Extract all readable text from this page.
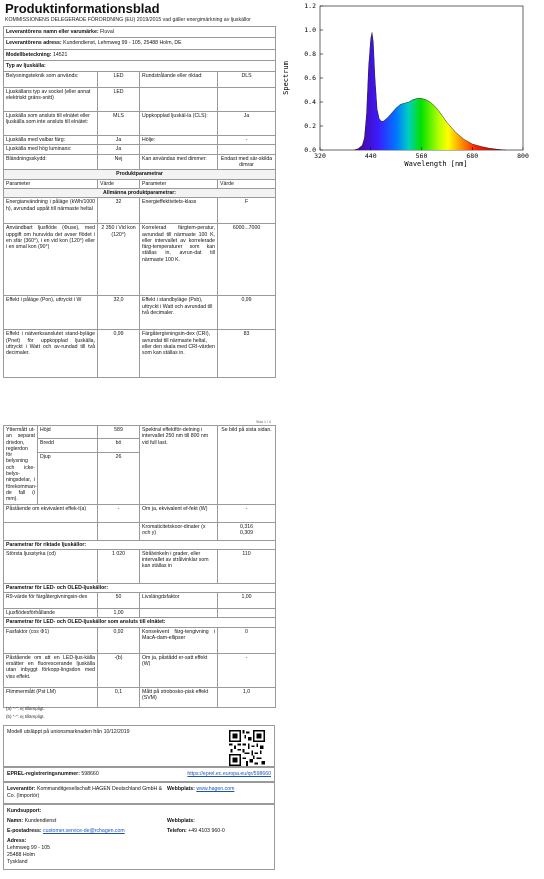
Produktinformationsblad
KOMMISSIONENS DELEGERADE FÖRORDNING (EU) 2019/2015 vad gäller energimärkning av ljuskällor
Leverantörens namn eller varumärke: Fluval			
Leverantörens adress: Kundendienst, Lehmweg 99 - 105, 25488 Holm, DE			
Modellbeteckning: 14521			
Typ av ljuskälla:			
Belysningsteknik som används:	LED	Rundstrålande eller riktad:	DLS
Ljuskällans typ av sockel (eller annat elektriskt gräns-snitt)	LED		
Ljuskälla som ansluts till elnätet eller ljuskälla som inte ansluts till elnätet:	MLS	Uppkopplad ljuskäl-la (CLS):	Ja
Ljuskälla med valbar färg:	Ja	Hölje:	-
Ljuskälla med hög luminans:	Ja		
Bländningsskydd:	Nej	Kan användas med dimmer:	Endast med sär-skilda dimrar
Produktparametrar			
Parameter	Värde	Parameter	Värde
Allmänna produktparametrar:			
Energianvändning i påläge (kWh/1000 h), avrundad uppåt till närmaste heltal	32	Energieffektivitets-klass	F
Användbart ljusflöde (Φuse), med uppgift om huruvida det avser flödet i en sfär (360°), i en vid kon (120°) eller i en smal kon (90°)	2 350 i Vid kon (120°)	Korrelerad färgtem-peratur, avrundad till närmaste 100 K, eller intervallet av korrelerade färg-temperaturer som kan ställas in, avrun-dat till närmaste 100 K.	6000...7000
Effekt i påläge (Pon), uttryckt i W	32,0	Effekt i standbyläge (Psb), uttryckt i Watt och avrundad till två decimaler.	0,99
Effekt i nätverksanslutet stand-byläge (Pnet) för uppkopplad ljuskälla, uttryckt i Watt och av-rundad till två decimaler.	0,99	Färgåtergivningsin-dex (CRI), avrundat till närmaste heltal, eller den skala med CRI-värden som kan ställas in.	83
Sida 1 / 4
Yttermått ut-an separat drivdon, reglerdon för belysning och icke-belys-ningsdelar, i förekomman-de fall (i mm).	Höjd	589	Spektral effektför-delning i intervallet 250 nm till 800 nm vid full last.	Se bild på sista sidan.
	Bredd	bö		
	Djup	26		
Påstående om ekvivalent effek-t(a)		-	Om ja, ekvivalent ef-fekt (W)	-
			Kromaticitetskoor-dinater (x och y)	0,316
0,309
Parametrar för riktade ljuskällor:				
Största ljusstyrka (cd)		1 020	Strålvinkeln i grader, eller intervallet av strålvinklar som kan ställas in	110
Parametrar för LED- och OLED-ljuskällor:				
R9-värde för färgåtergivningsin-dex		50	Livslängdsfaktor	1,00
Ljusflödesförhållande		1,00		
Parametrar för LED- och OLED-ljuskällor som ansluts till elnätet:				
Fasfaktor (cos Φ1)		0,92	Konsekvent färg-tengivning i MacA-dam-ellipser	0
Påstående om att en LED-ljus-källa ersätter en fluorescerande ljuskälla utan inbyggt förkopp-lingsdon med viss effekt.		-(b)	Om ja, påstådd er-satt effekt (W)	-
Flimmermått (Pst LM)		0,1	Mått på strobosko-pisk effekt (SVM)	1,0
(a) "-": ej tillämpligt.
(b) "-": ej tillämpligt.
Modell utsläppt på unionsmarknaden från 10/12/2019
EPREL-registreringsnummer: 598660	https://eprel.ec.europa.eu/qr/598660
Leverantör: Kommanditgesellschaft HAGEN Deutschland GmbH & Co. (Importör)
Webbplats: www.hagen.com
Kundsupport:
Namn: Kundendienst	Webbplats:
E-postadress: customer.service-de@rchagen.com	Telefon: +49 4103 960-0
Adress:
Lehmweg 99 - 105
25488 Holm
Tyskland
320	440	560	680	800
0.0
0.2
0.4
0.6
0.8
1.0
1.2
Wavelength [nm]
Spectrum
